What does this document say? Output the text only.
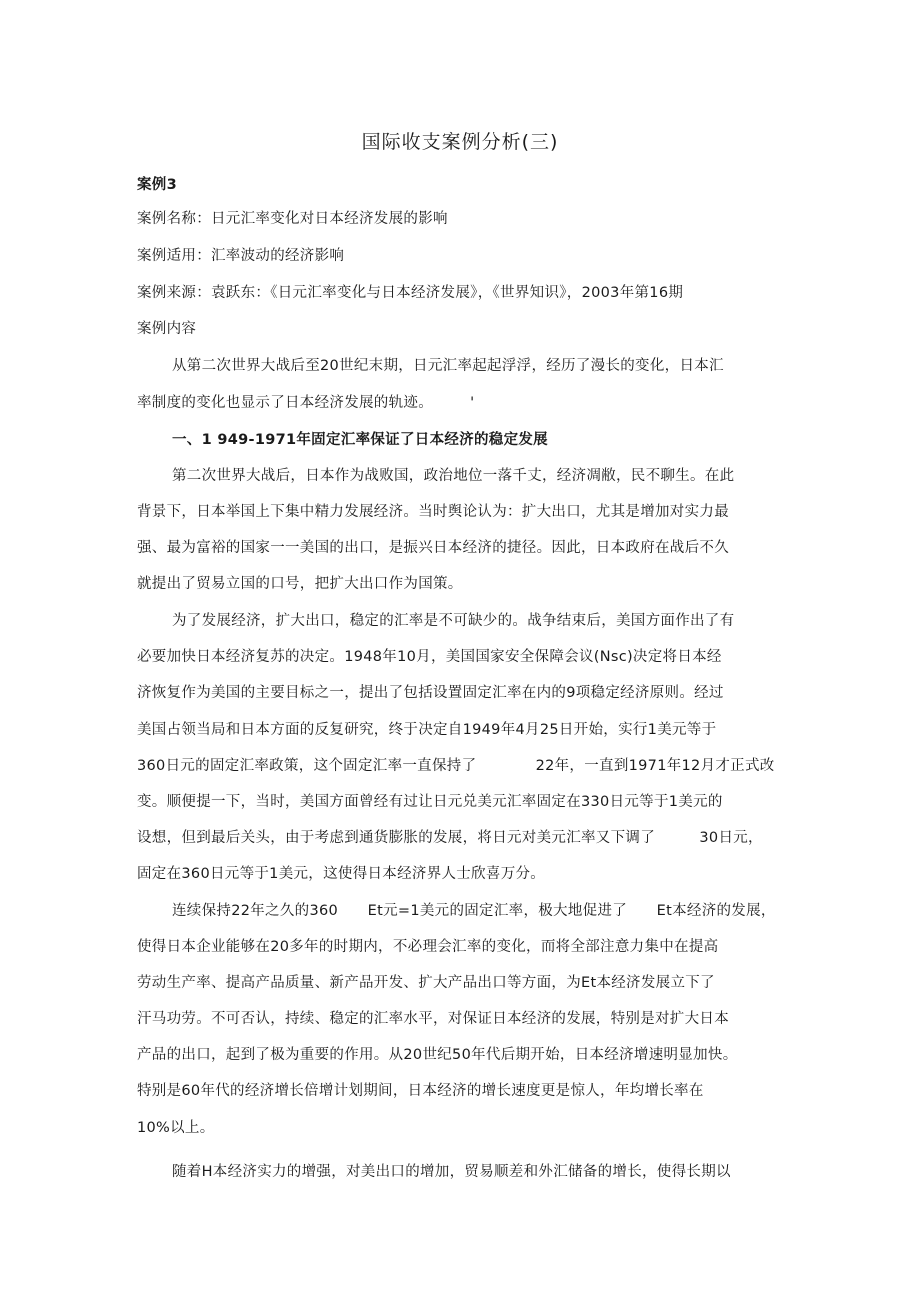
国际收支案例分析(三)
案例3
案例名称：日元汇率变化对日本经济发展的影响
案例适用：汇率波动的经济影响
案例来源：袁跃东：《日元汇率变化与日本经济发展》，《世界知识》，2003年第16期
案例内容
从第二次世界大战后至20世纪末期，日元汇率起起浮浮，经历了漫长的变化，日本汇
率制度的变化也显示了日本经济发展的轨迹。　　　'
一、1 949-1971年固定汇率保证了日本经济的稳定发展
第二次世界大战后，日本作为战败国，政治地位一落千丈，经济凋敝，民不聊生。在此
背景下，日本举国上下集中精力发展经济。当时舆论认为：扩大出口，尤其是增加对实力最
强、最为富裕的国家一一美国的出口，是振兴日本经济的捷径。因此，日本政府在战后不久
就提出了贸易立国的口号，把扩大出口作为国策。
为了发展经济，扩大出口，稳定的汇率是不可缺少的。战争结束后，美国方面作出了有
必要加快日本经济复苏的决定。1948年10月，美国国家安全保障会议(Nsc)决定将日本经
济恢复作为美国的主要目标之一，提出了包括设置固定汇率在内的9项稳定经济原则。经过
美国占领当局和日本方面的反复研究，终于决定自1949年4月25日开始，实行1美元等于
360日元的固定汇率政策，这个固定汇率一直保持了　　　　22年，一直到1971年12月才正式改
变。顺便提一下，当时，美国方面曾经有过让日元兑美元汇率固定在330日元等于1美元的
设想，但到最后关头，由于考虑到通货膨胀的发展，将日元对美元汇率又下调了　　　30日元，
固定在360日元等于1美元，这使得日本经济界人士欣喜万分。
连续保持22年之久的360　　Et元=1美元的固定汇率，极大地促进了　　Et本经济的发展，
使得日本企业能够在20多年的时期内，不必理会汇率的变化，而将全部注意力集中在提高
劳动生产率、提高产品质量、新产品开发、扩大产品出口等方面，为Et本经济发展立下了
汗马功劳。不可否认，持续、稳定的汇率水平，对保证日本经济的发展，特别是对扩大日本
产品的出口，起到了极为重要的作用。从20世纪50年代后期开始，日本经济增速明显加快。
特别是60年代的经济增长倍增计划期间，日本经济的增长速度更是惊人，年均增长率在
10%以上。
随着H本经济实力的增强，对美出口的增加，贸易顺差和外汇储备的增长，使得长期以
